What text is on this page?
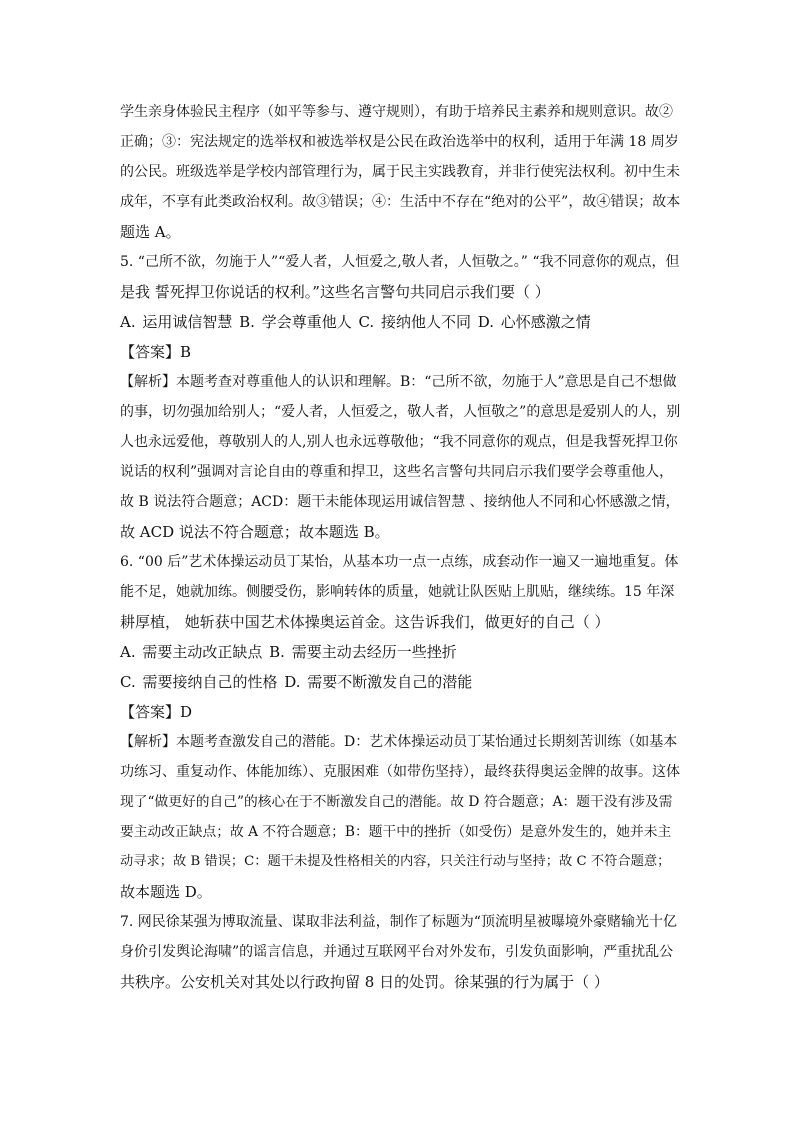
学生亲身体验民主程序（如平等参与、遵守规则），有助于培养民主素养和规则意识。故②
正确；③：宪法规定的选举权和被选举权是公民在政治选举中的权利，适用于年满 18 周岁
的公民。班级选举是学校内部管理行为，属于民主实践教育，并非行使宪法权利。初中生未
成年，不享有此类政治权利。故③错误；④：生活中不存在“绝对的公平”，故④错误；故本
题选 A。
5. “己所不欲，勿施于人”“爱人者，人恒爱之,敬人者，人恒敬之。” “我不同意你的观点，但
是我 誓死捍卫你说话的权利。”这些名言警句共同启示我们要（ ）
A. 运用诚信智慧 B. 学会尊重他人 C. 接纳他人不同 D. 心怀感激之情
【答案】B
【解析】本题考查对尊重他人的认识和理解。B：“己所不欲，勿施于人”意思是自己不想做
的事，切勿强加给别人；“爱人者，人恒爱之，敬人者，人恒敬之”的意思是爱别人的人，别
人也永远爱他，尊敬别人的人,别人也永远尊敬他；“我不同意你的观点，但是我誓死捍卫你
说话的权利”强调对言论自由的尊重和捍卫，这些名言警句共同启示我们要学会尊重他人，
故 B 说法符合题意；ACD：题干未能体现运用诚信智慧 、接纳他人不同和心怀感激之情，
故 ACD 说法不符合题意；故本题选 B。
6. “00 后”艺术体操运动员丁某怡，从基本功一点一点练，成套动作一遍又一遍地重复。体
能不足，她就加练。侧腰受伤，影响转体的质量，她就让队医贴上肌贴，继续练。15 年深
耕厚植， 她斩获中国艺术体操奥运首金。这告诉我们，做更好的自己（ ）
A. 需要主动改正缺点 B. 需要主动去经历一些挫折
C. 需要接纳自己的性格 D. 需要不断激发自己的潜能
【答案】D
【解析】本题考查激发自己的潜能。D：艺术体操运动员丁某怡通过长期刻苦训练（如基本
功练习、重复动作、体能加练）、克服困难（如带伤坚持），最终获得奥运金牌的故事。这体
现了“做更好的自己”的核心在于不断激发自己的潜能。故 D 符合题意；A：题干没有涉及需
要主动改正缺点；故 A 不符合题意；B：题干中的挫折（如受伤）是意外发生的，她并未主
动寻求；故 B 错误；C：题干未提及性格相关的内容，只关注行动与坚持；故 C 不符合题意；
故本题选 D。
7. 网民徐某强为博取流量、谋取非法利益，制作了标题为“顶流明星被曝境外豪赌输光十亿
身价引发舆论海啸”的谣言信息，并通过互联网平台对外发布，引发负面影响，严重扰乱公
共秩序。公安机关对其处以行政拘留 8 日的处罚。徐某强的行为属于（ ）
